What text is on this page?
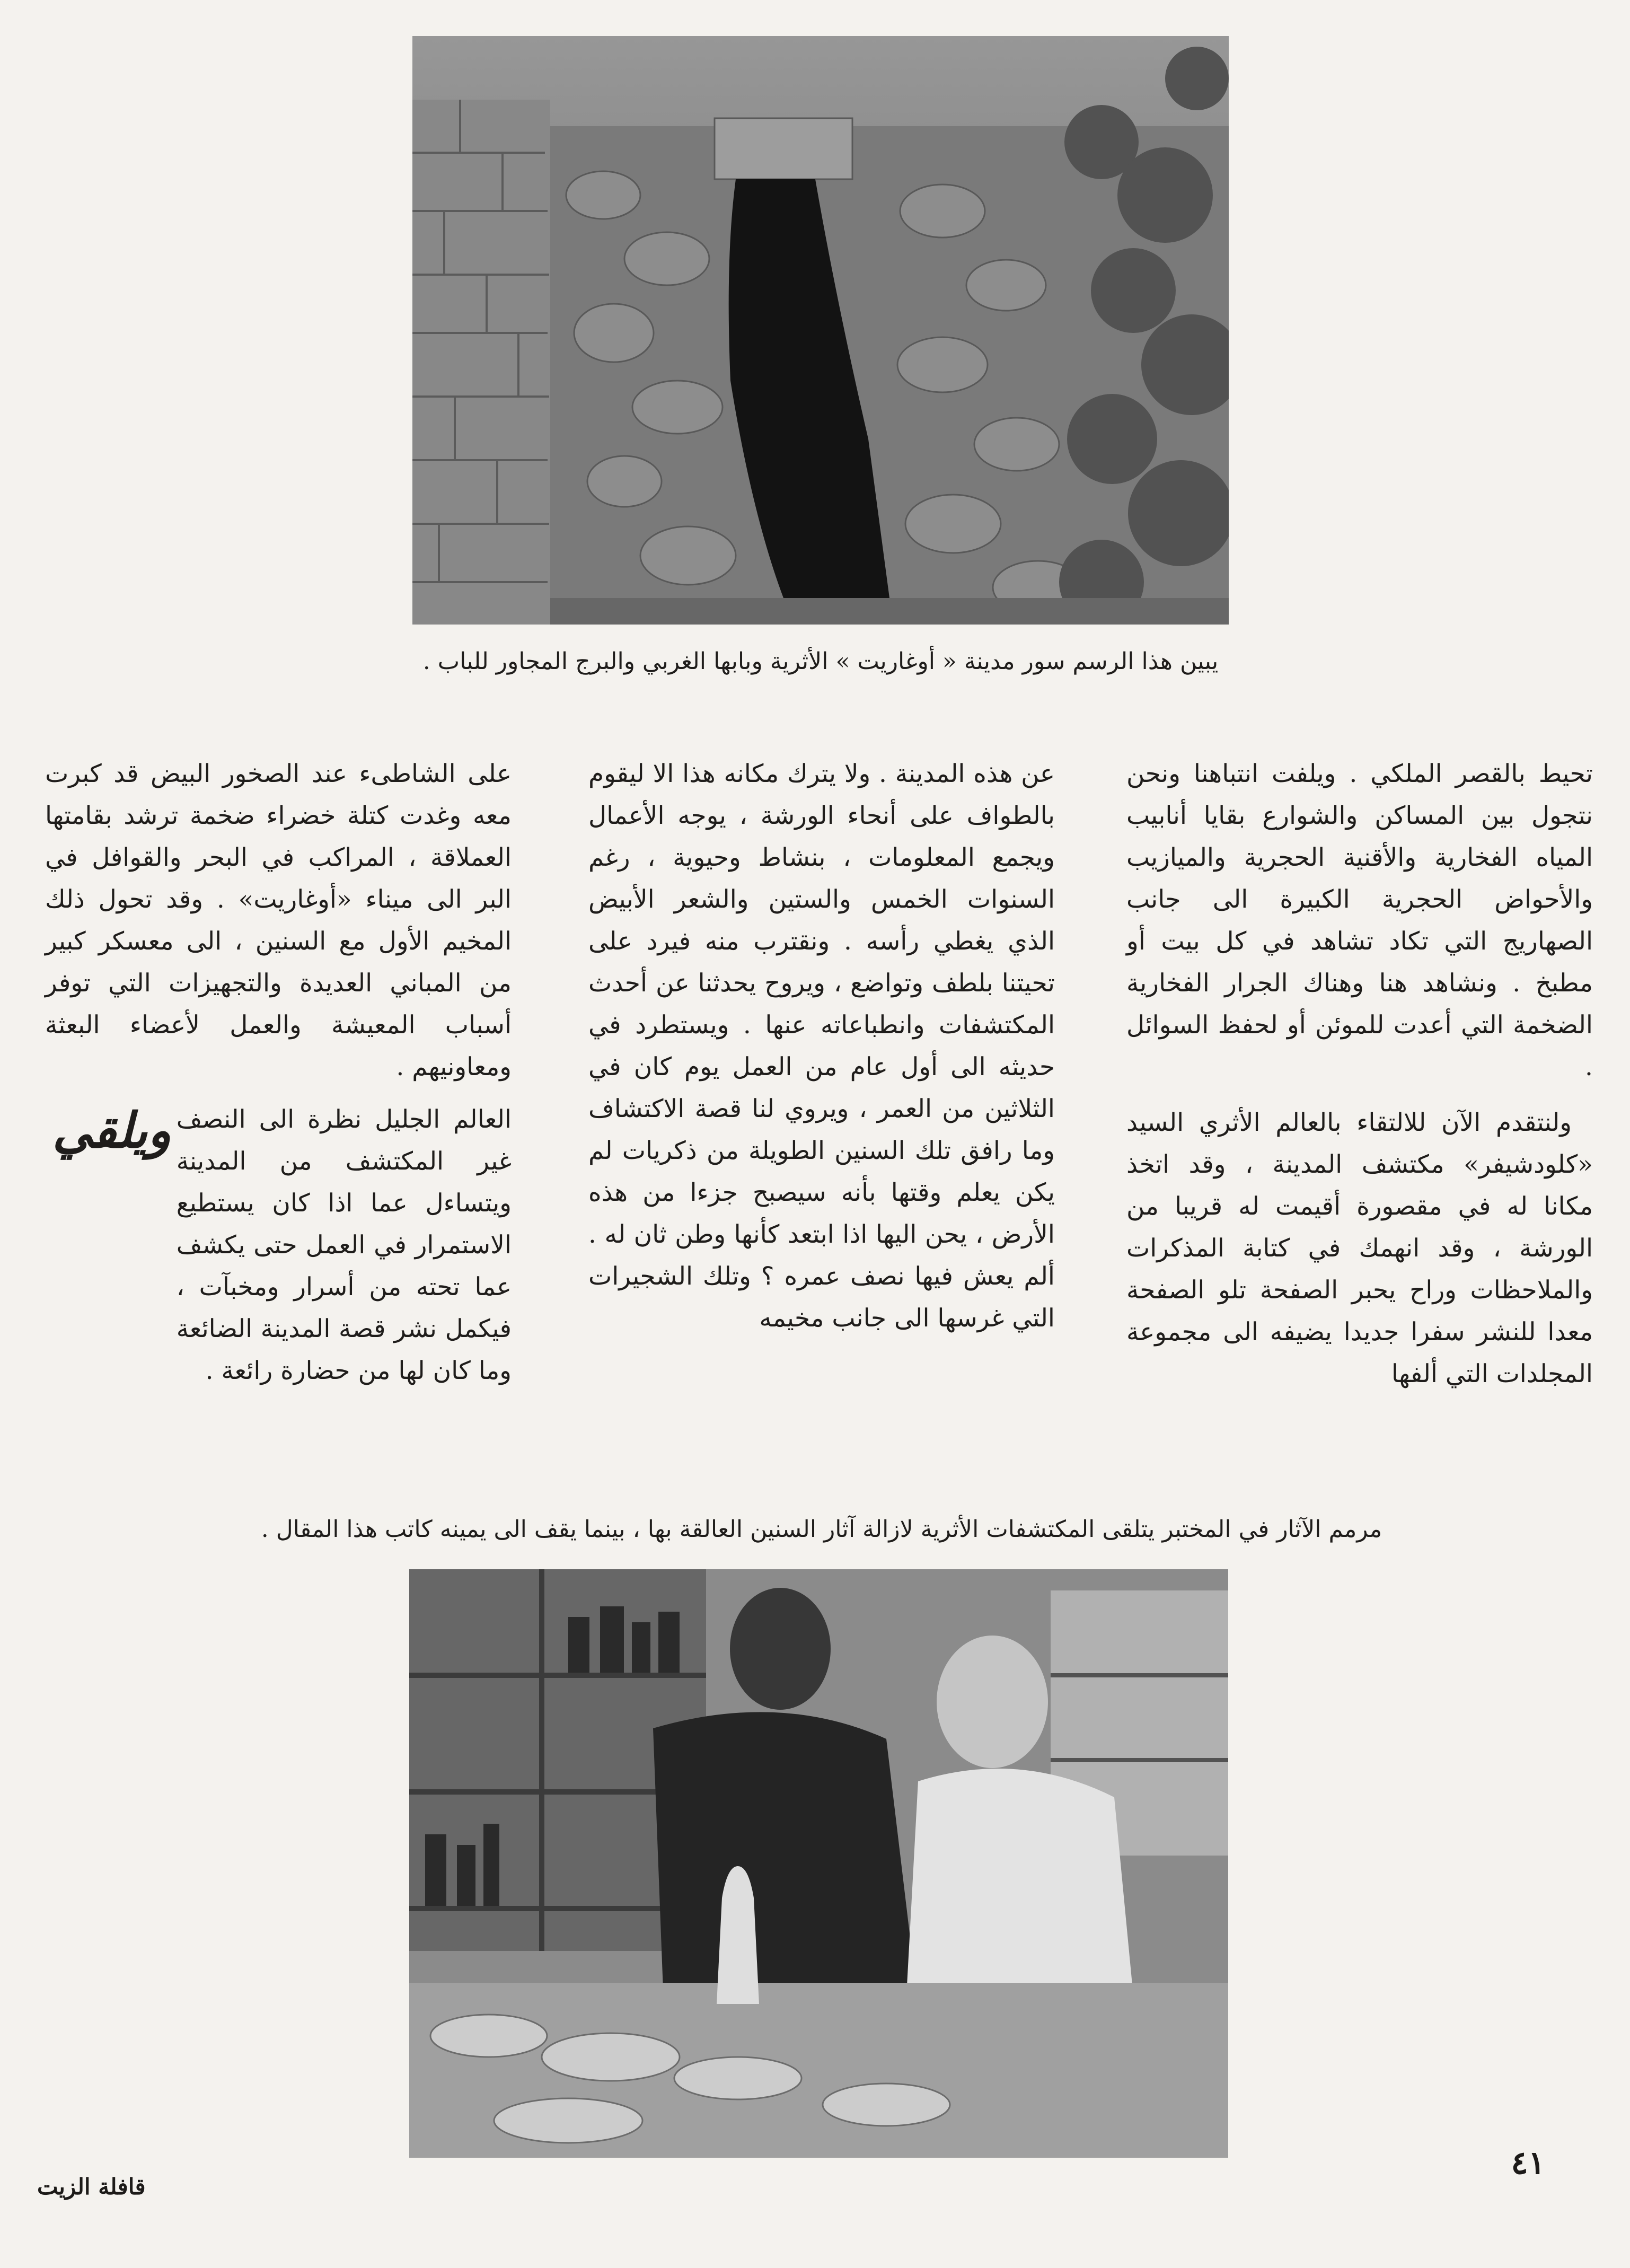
يبين هذا الرسم سور مدينة « أوغاريت » الأثرية وبابها الغربي والبرج المجاور للباب .

تحيط بالقصر الملكي . ويلفت انتباهنا ونحن نتجول بين المساكن والشوارع بقايا أنابيب المياه الفخارية والأقنية الحجرية والميازيب والأحواض الحجرية الكبيرة الى جانب الصهاريج التي تكاد تشاهد في كل بيت أو مطبخ . ونشاهد هنا وهناك الجرار الفخارية الضخمة التي أعدت للموئن أو لحفظ السوائل .

ولنتقدم الآن للالتقاء بالعالم الأثري السيد «كلودشيفر» مكتشف المدينة ، وقد اتخذ مكانا له في مقصورة أقيمت له قريبا من الورشة ، وقد انهمك في كتابة المذكرات والملاحظات وراح يحبر الصفحة تلو الصفحة معدا للنشر سفرا جديدا يضيفه الى مجموعة المجلدات التي ألفها

عن هذه المدينة . ولا يترك مكانه هذا الا ليقوم بالطواف على أنحاء الورشة ، يوجه الأعمال ويجمع المعلومات ، بنشاط وحيوية ، رغم السنوات الخمس والستين والشعر الأبيض الذي يغطي رأسه . ونقترب منه فيرد على تحيتنا بلطف وتواضع ، ويروح يحدثنا عن أحدث المكتشفات وانطباعاته عنها . ويستطرد في حديثه الى أول عام من العمل يوم كان في الثلاثين من العمر ، ويروي لنا قصة الاكتشاف وما رافق تلك السنين الطويلة من ذكريات لم يكن يعلم وقتها بأنه سيصبح جزءا من هذه الأرض ، يحن اليها اذا ابتعد كأنها وطن ثان له . ألم يعش فيها نصف عمره ؟ وتلك الشجيرات التي غرسها الى جانب مخيمه

على الشاطىء عند الصخور البيض قد كبرت معه وغدت كتلة خضراء ضخمة ترشد بقامتها العملاقة ، المراكب في البحر والقوافل في البر الى ميناء «أوغاريت» . وقد تحول ذلك المخيم الأول مع السنين ، الى معسكر كبير من المباني العديدة والتجهيزات التي توفر أسباب المعيشة والعمل لأعضاء البعثة ومعاونيهم .

العالم الجليل نظرة الى النصف غير المكتشف من المدينة ويتساءل عما اذا كان يستطيع الاستمرار في العمل حتى يكشف عما تحته من أسرار ومخبآت ، فيكمل نشر قصة المدينة الضائعة وما كان لها من حضارة رائعة .
ويلقي
مرمم الآثار في المختبر يتلقى المكتشفات الأثرية لازالة آثار السنين العالقة بها ، بينما يقف الى يمينه كاتب هذا المقال .
٤١
قافلة الزيت
